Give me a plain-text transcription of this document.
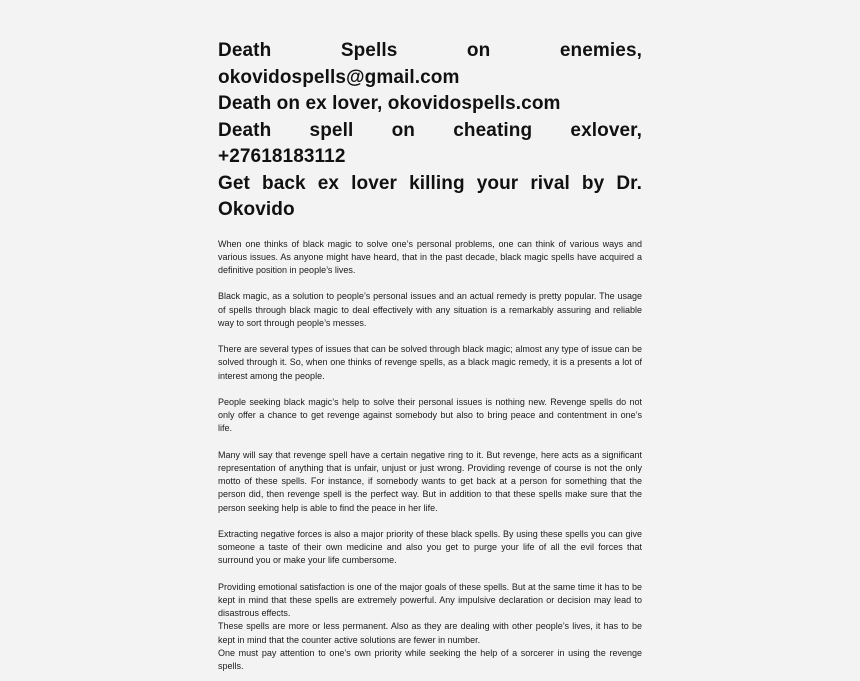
Death Spells on enemies,

okovidospells@gmail.com

Death on ex lover, okovidospells.com

Death spell on cheating exlover, +27618183112

Get back ex lover killing your rival by Dr.

Okovido

When one thinks of black magic to solve one’s personal problems, one can think of various ways and various issues. As anyone might have heard, that in the past decade, black magic spells have acquired a definitive position in people’s lives.

Black magic, as a solution to people’s personal issues and an actual remedy is pretty popular. The usage of spells through black magic to deal effectively with any situation is a remarkably assuring and reliable way to sort through people’s messes.

There are several types of issues that can be solved through black magic; almost any type of issue can be solved through it. So, when one thinks of revenge spells, as a black magic remedy, it is a presents a lot of interest among the people.

People seeking black magic’s help to solve their personal issues is nothing new. Revenge spells do not only offer a chance to get revenge against somebody but also to bring peace and contentment in one’s life.

Many will say that revenge spell have a certain negative ring to it. But revenge, here acts as a significant representation of anything that is unfair, unjust or just wrong. Providing revenge of course is not the only motto of these spells. For instance, if somebody wants to get back at a person for something that the person did, then revenge spell is the perfect way. But in addition to that these spells make sure that the person seeking help is able to find the peace in her life.

Extracting negative forces is also a major priority of these black spells. By using these spells you can give someone a taste of their own medicine and also you get to purge your life of all the evil forces that surround you or make your life cumbersome.

Providing emotional satisfaction is one of the major goals of these spells. But at the same time it has to be kept in mind that these spells are extremely powerful. Any impulsive declaration or decision may lead to disastrous effects.

These spells are more or less permanent. Also as they are dealing with other people’s lives, it has to be kept in mind that the counter active solutions are fewer in number.

One must pay attention to one’s own priority while seeking the help of a sorcerer in using the revenge spells.
